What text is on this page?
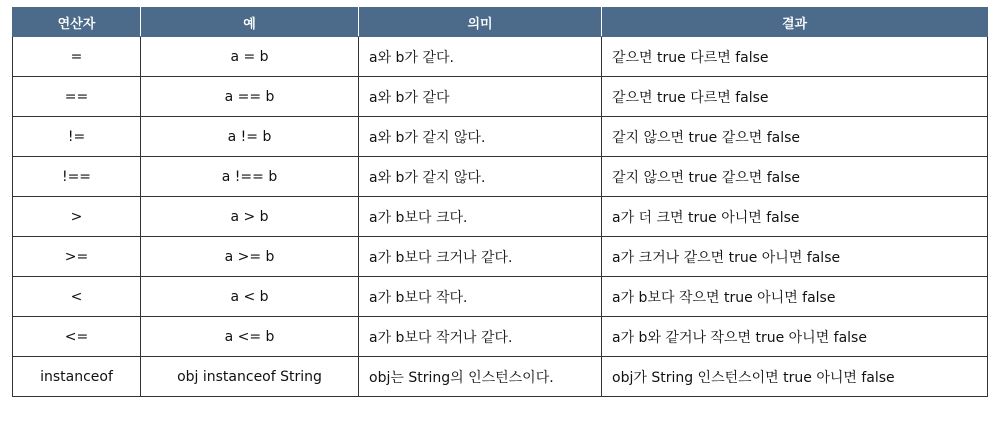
연산자	예	의미	결과
=	a = b	a와 b가 같다.	같으면 true 다르면 false
==	a == b	a와 b가 같다	같으면 true 다르면 false
!=	a != b	a와 b가 같지 않다.	같지 않으면 true 같으면 false
!==	a !== b	a와 b가 같지 않다.	같지 않으면 true 같으면 false
>	a > b	a가 b보다 크다.	a가 더 크면 true 아니면 false
>=	a >= b	a가 b보다 크거나 같다.	a가 크거나 같으면 true 아니면 false
<	a < b	a가 b보다 작다.	a가 b보다 작으면 true 아니면 false
<=	a <= b	a가 b보다 작거나 같다.	a가 b와 같거나 작으면 true 아니면 false
instanceof	obj instanceof String	obj는 String의 인스턴스이다.	obj가 String 인스턴스이면 true 아니면 false
